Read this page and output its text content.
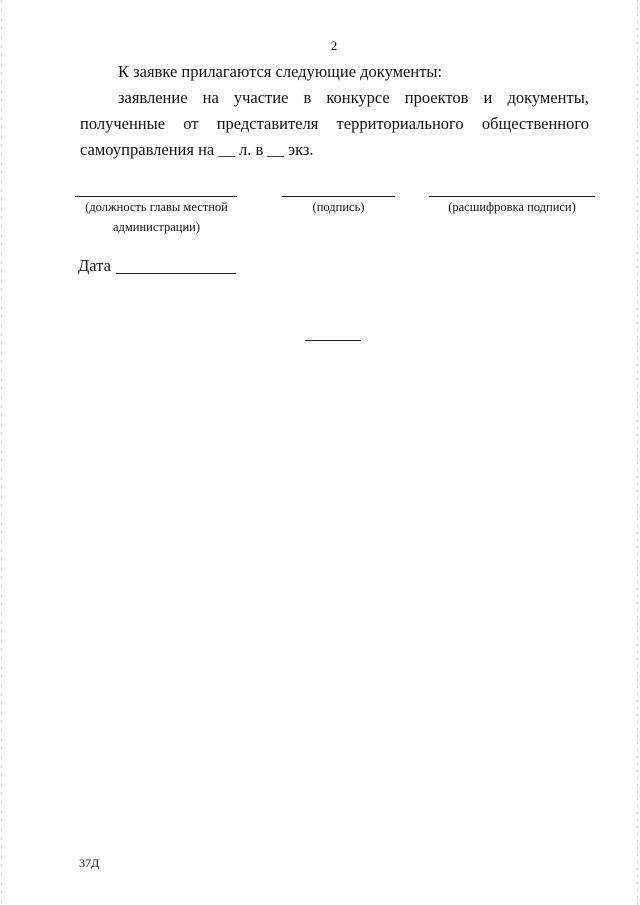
2
К заявке прилагаются следующие документы:
заявление на участие в конкурсе проектов и документы,
полученные от представителя территориального общественного
самоуправления на __ л. в __ экз.
(должность главы местной
администрации)
(подпись)	(расшифровка подписи)
Дата
37Д
